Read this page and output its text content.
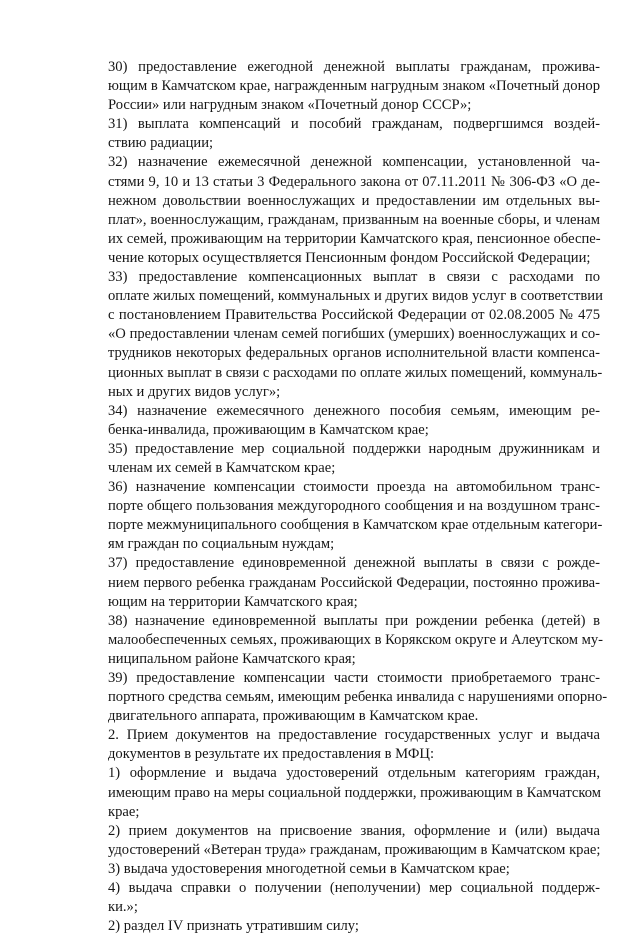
30) предоставление ежегодной денежной выплаты гражданам, прожива-
ющим в Камчатском крае, награжденным нагрудным знаком «Почетный донор
России» или нагрудным знаком «Почетный донор СССР»;
31) выплата компенсаций и пособий гражданам, подвергшимся воздей-
ствию радиации;
32) назначение ежемесячной денежной компенсации, установленной ча-
стями 9, 10 и 13 статьи 3 Федерального закона от 07.11.2011 № 306-ФЗ «О де-
нежном довольствии военнослужащих и предоставлении им отдельных вы-
плат», военнослужащим, гражданам, призванным на военные сборы, и членам
их семей, проживающим на территории Камчатского края, пенсионное обеспе-
чение которых осуществляется Пенсионным фондом Российской Федерации;
33) предоставление компенсационных выплат в связи с расходами по
оплате жилых помещений, коммунальных и других видов услуг в соответствии
с постановлением Правительства Российской Федерации от 02.08.2005 № 475
«О предоставлении членам семей погибших (умерших) военнослужащих и со-
трудников некоторых федеральных органов исполнительной власти компенса-
ционных выплат в связи с расходами по оплате жилых помещений, коммуналь-
ных и других видов услуг»;
34) назначение ежемесячного денежного пособия семьям, имеющим ре-
бенка-инвалида, проживающим в Камчатском крае;
35) предоставление мер социальной поддержки народным дружинникам и
членам их семей в Камчатском крае;
36) назначение компенсации стоимости проезда на автомобильном транс-
порте общего пользования междугородного сообщения и на воздушном транс-
порте межмуниципального сообщения в Камчатском крае отдельным категори-
ям граждан по социальным нуждам;
37) предоставление единовременной денежной выплаты в связи с рожде-
нием первого ребенка гражданам Российской Федерации, постоянно прожива-
ющим на территории Камчатского края;
38) назначение единовременной выплаты при рождении ребенка (детей) в
малообеспеченных семьях, проживающих в Корякском округе и Алеутском му-
ниципальном районе Камчатского края;
39) предоставление компенсации части стоимости приобретаемого транс-
портного средства семьям, имеющим ребенка инвалида с нарушениями опорно-
двигательного аппарата, проживающим в Камчатском крае.
2. Прием документов на предоставление государственных услуг и выдача
документов в результате их предоставления в МФЦ:
1) оформление и выдача удостоверений отдельным категориям граждан,
имеющим право на меры социальной поддержки, проживающим в Камчатском
крае;
2) прием документов на присвоение звания, оформление и (или) выдача
удостоверений «Ветеран труда» гражданам, проживающим в Камчатском крае;
3) выдача удостоверения многодетной семьи в Камчатском крае;
4) выдача справки о получении (неполучении) мер социальной поддерж-
ки.»;
2) раздел IV признать утратившим силу;
